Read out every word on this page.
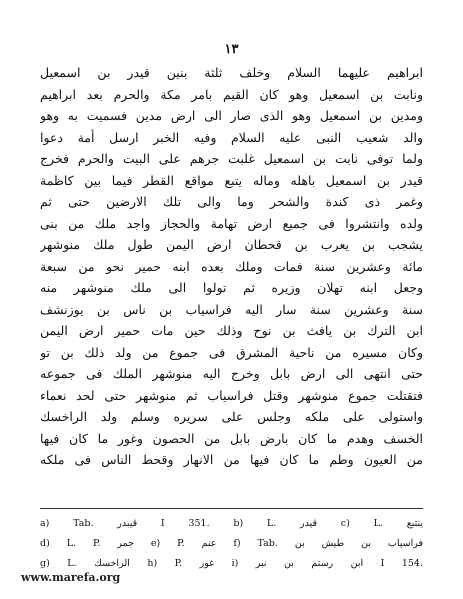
١٣
ابراهيم عليهما السلام وخلف ثلثة بنين قيدر بن اسمعيل
ونابت بن اسمعيل وهو كان القيم بامر مكة والحرم بعد ابراهيم
ومدين بن اسمعيل وهو الذى صار الى ارض مدين فسميت به وهو
والد شعيب النبى عليه السلام وفيه الخبر ارسل أمة دعوا
ولما توفى نابت بن اسمعيل غلبت جرهم على البيت والحرم فخرج
قيدر بن اسمعيل باهله وماله يتبع مواقع القطر فيما بين كاظمة
وغمر ذى كندة والشحر وما والى تلك الارضين حتى ثم
ولده وانتشروا فى جميع ارض تهامة والحجاز واجد ملك من بنى
يشجب بن يعرب بن قحطان ارض اليمن طول ملك منوشهر
مائة وعشرين سنة فمات وملك بعده ابنه حمير نحو من سبعة
وجعل ابنه تهلان وزيره ثم تولوا الى ملك منوشهر منه
سنة وعشرين سنة سار اليه فراسياب بن ناس بن يوزنشف
ابن الترك بن يافث بن نوح وذلك حين مات حمير ارض اليمن
وكان مسيره من ناحية المشرق فى جموع من ولد ذلك بن تو
حتى انتهى الى ارض بابل وخرج اليه منوشهر الملك فى جموعه
فتقتلت جموع منوشهر وقتل فراسياب ثم منوشهر حتى لحد نعماء
واستولى على ملكه وجلس على سريره وسلم ولد الراخسك
الخسف وهدم ما كان بارض بابل من الحصون وغور ما كان فيها
من العيون وطم ما كان فيها من الانهار وقحط الناس فى ملكه
a) Tab. قيبدر I 351. b) L. قيدر c) L. ينتبع
d) L. P. جمر e) P. عنم f) Tab. فراسياب بن طيش بن
g) L. الراخسك h) P. غور i) ابن رستم بن نبر I 154.
www.marefa.org
